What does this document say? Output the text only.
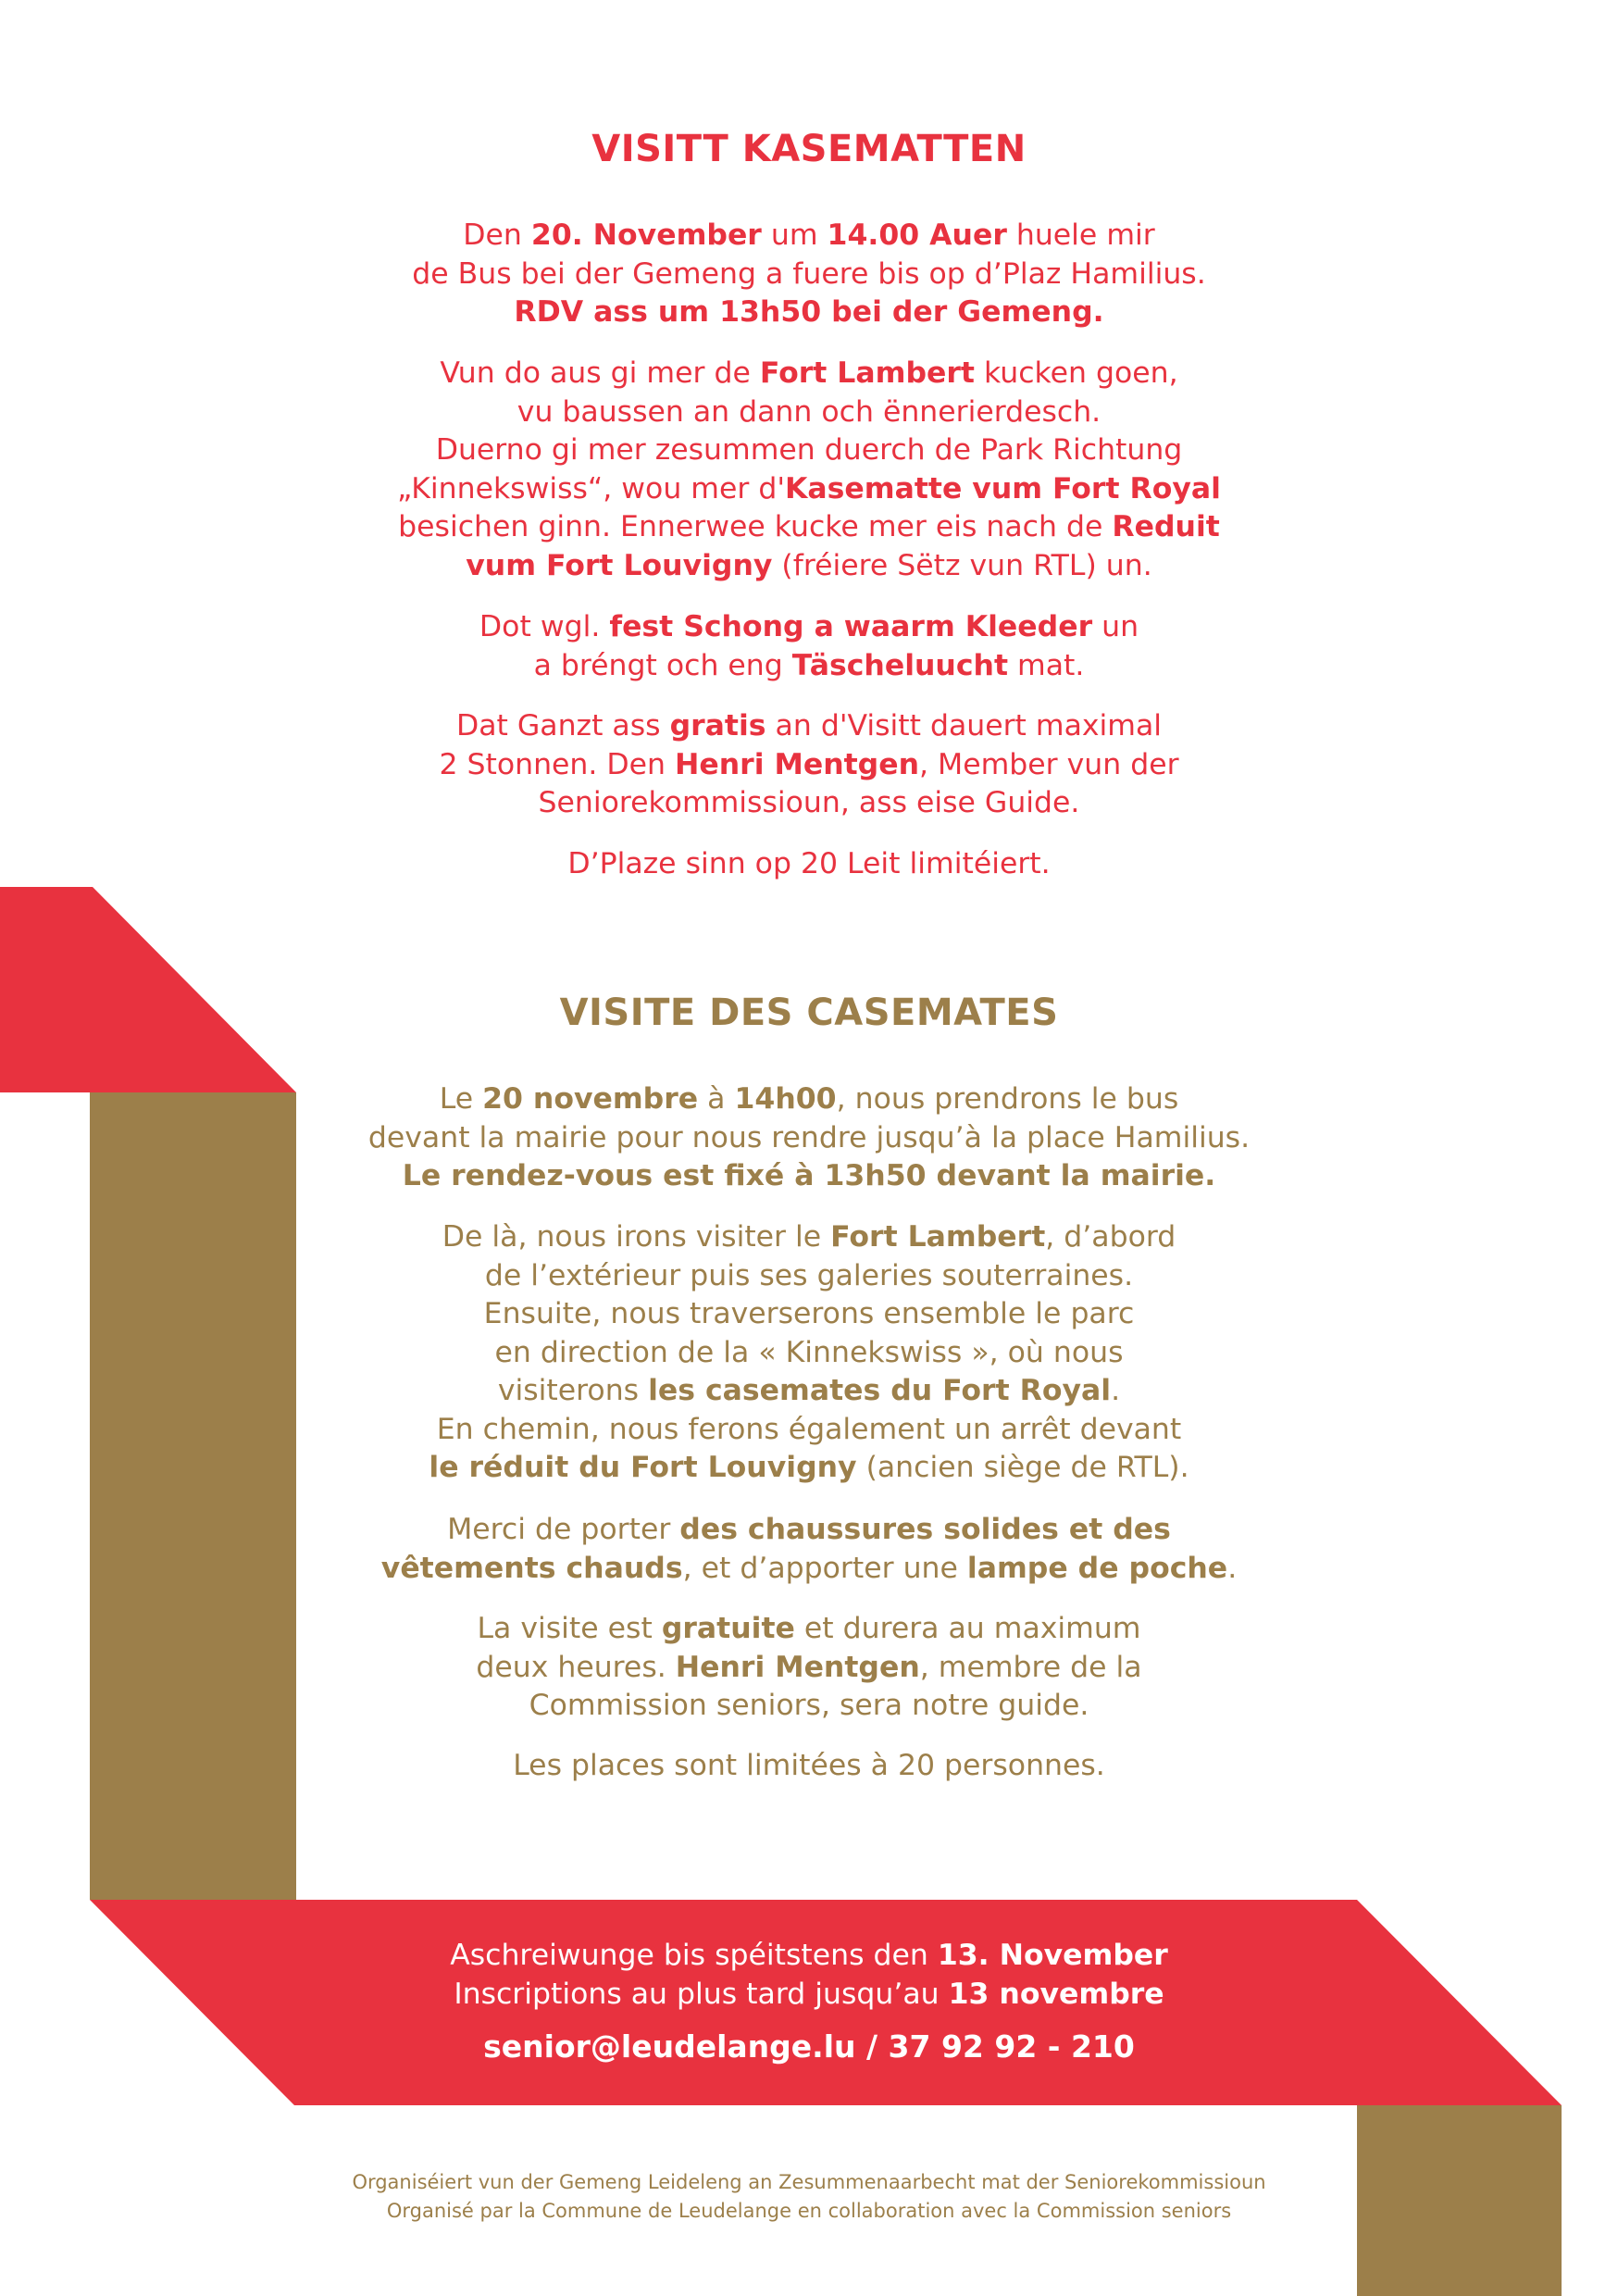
VISITT KASEMATTEN
Den 20. November um 14.00 Auer huele mir
de Bus bei der Gemeng a fuere bis op d’Plaz Hamilius.
RDV ass um 13h50 bei der Gemeng.
Vun do aus gi mer de Fort Lambert kucken goen,
vu baussen an dann och ënnerierdesch.
Duerno gi mer zesummen duerch de Park Richtung
„Kinnekswiss“, wou mer d'Kasematte vum Fort Royal
besichen ginn. Ennerwee kucke mer eis nach de Reduit
vum Fort Louvigny (fréiere Sëtz vun RTL) un.
Dot wgl. fest Schong a waarm Kleeder un
a bréngt och eng Täscheluucht mat.
Dat Ganzt ass gratis an d'Visitt dauert maximal
2 Stonnen. Den Henri Mentgen, Member vun der
Seniorekommissioun, ass eise Guide.
D’Plaze sinn op 20 Leit limitéiert.
VISITE DES CASEMATES
Le 20 novembre à 14h00, nous prendrons le bus
devant la mairie pour nous rendre jusqu’à la place Hamilius.
Le rendez-vous est fixé à 13h50 devant la mairie.
De là, nous irons visiter le Fort Lambert, d’abord
de l’extérieur puis ses galeries souterraines.
Ensuite, nous traverserons ensemble le parc
en direction de la « Kinnekswiss », où nous
visiterons les casemates du Fort Royal.
En chemin, nous ferons également un arrêt devant
le réduit du Fort Louvigny (ancien siège de RTL).
Merci de porter des chaussures solides et des
vêtements chauds, et d’apporter une lampe de poche.
La visite est gratuite et durera au maximum
deux heures. Henri Mentgen, membre de la
Commission seniors, sera notre guide.
Les places sont limitées à 20 personnes.
Aschreiwunge bis spéitstens den 13. November
Inscriptions au plus tard jusqu’au 13 novembre
senior@leudelange.lu / 37 92 92 - 210
Organiséiert vun der Gemeng Leideleng an Zesummenaarbecht mat der Seniorekommissioun
Organisé par la Commune de Leudelange en collaboration avec la Commission seniors
